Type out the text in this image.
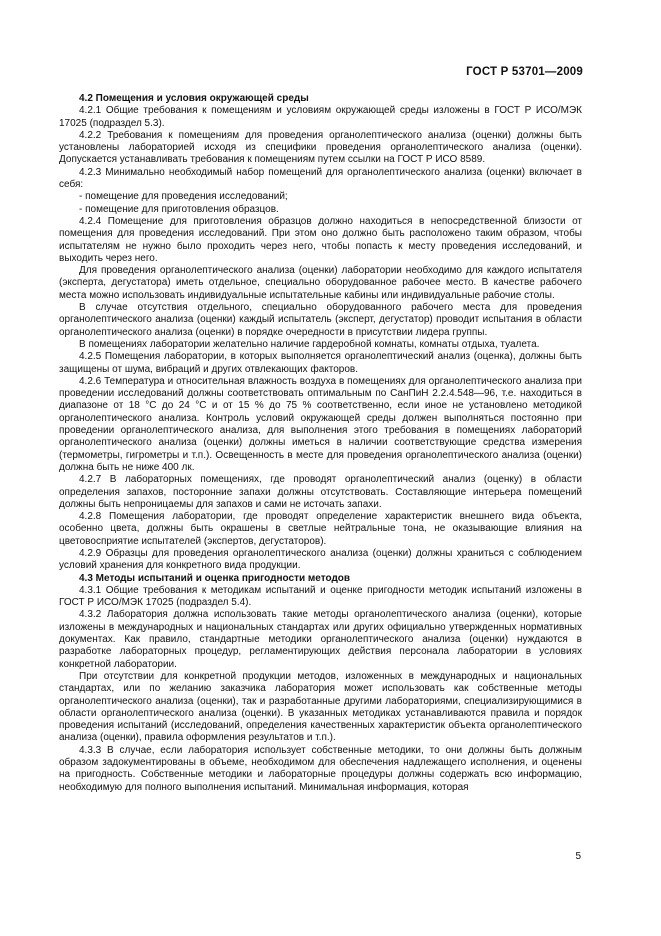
ГОСТ Р 53701—2009

4.2 Помещения и условия окружающей среды

4.2.1 Общие требования к помещениям и условиям окружающей среды изложены в ГОСТ Р ИСО/МЭК 17025 (подраздел 5.3).

4.2.2 Требования к помещениям для проведения органолептического анализа (оценки) должны быть установлены лабораторией исходя из специфики проведения органолептического анализа (оценки). Допускается устанавливать требования к помещениям путем ссылки на ГОСТ Р ИСО 8589.

4.2.3 Минимально необходимый набор помещений для органолептического анализа (оценки) включает в себя:

- помещение для проведения исследований;

- помещение для приготовления образцов.

4.2.4 Помещение для приготовления образцов должно находиться в непосредственной близости от помещения для проведения исследований. При этом оно должно быть расположено таким образом, чтобы испытателям не нужно было проходить через него, чтобы попасть к месту проведения исследований, и выходить через него.

Для проведения органолептического анализа (оценки) лаборатории необходимо для каждого испытателя (эксперта, дегустатора) иметь отдельное, специально оборудованное рабочее место. В качестве рабочего места можно использовать индивидуальные испытательные кабины или индивидуальные рабочие столы.

В случае отсутствия отдельного, специально оборудованного рабочего места для проведения органолептического анализа (оценки) каждый испытатель (эксперт, дегустатор) проводит испытания в области органолептического анализа (оценки) в порядке очередности в присутствии лидера группы.

В помещениях лаборатории желательно наличие гардеробной комнаты, комнаты отдыха, туалета.

4.2.5 Помещения лаборатории, в которых выполняется органолептический анализ (оценка), должны быть защищены от шума, вибраций и других отвлекающих факторов.

4.2.6 Температура и относительная влажность воздуха в помещениях для органолептического анализа при проведении исследований должны соответствовать оптимальным по СанПиН 2.2.4.548—96, т.е. находиться в диапазоне от 18 °С до 24 °С и от 15 % до 75 % соответственно, если иное не установлено методикой органолептического анализа. Контроль условий окружающей среды должен выполняться постоянно при проведении органолептического анализа, для выполнения этого требования в помещениях лабораторий органолептического анализа (оценки) должны иметься в наличии соответствующие средства измерения (термометры, гигрометры и т.п.). Освещенность в месте для проведения органолептического анализа (оценки) должна быть не ниже 400 лк.

4.2.7 В лабораторных помещениях, где проводят органолептический анализ (оценку) в области определения запахов, посторонние запахи должны отсутствовать. Составляющие интерьера помещений должны быть непроницаемы для запахов и сами не источать запахи.

4.2.8 Помещения лаборатории, где проводят определение характеристик внешнего вида объекта, особенно цвета, должны быть окрашены в светлые нейтральные тона, не оказывающие влияния на цветовосприятие испытателей (экспертов, дегустаторов).

4.2.9 Образцы для проведения органолептического анализа (оценки) должны храниться с соблюдением условий хранения для конкретного вида продукции.

4.3 Методы испытаний и оценка пригодности методов

4.3.1 Общие требования к методикам испытаний и оценке пригодности методик испытаний изложены в ГОСТ Р ИСО/МЭК 17025 (подраздел 5.4).

4.3.2 Лаборатория должна использовать такие методы органолептического анализа (оценки), которые изложены в международных и национальных стандартах или других официально утвержденных нормативных документах. Как правило, стандартные методики органолептического анализа (оценки) нуждаются в разработке лабораторных процедур, регламентирующих действия персонала лаборатории в условиях конкретной лаборатории.

При отсутствии для конкретной продукции методов, изложенных в международных и национальных стандартах, или по желанию заказчика лаборатория может использовать как собственные методы органолептического анализа (оценки), так и разработанные другими лабораториями, специализирующимися в области органолептического анализа (оценки). В указанных методиках устанавливаются правила и порядок проведения испытаний (исследований, определения качественных характеристик объекта органолептического анализа (оценки), правила оформления результатов и т.п.).

4.3.3 В случае, если лаборатория использует собственные методики, то они должны быть должным образом задокументированы в объеме, необходимом для обеспечения надлежащего исполнения, и оценены на пригодность. Собственные методики и лабораторные процедуры должны содержать всю информацию, необходимую для полного выполнения испытаний. Минимальная информация, которая

5
